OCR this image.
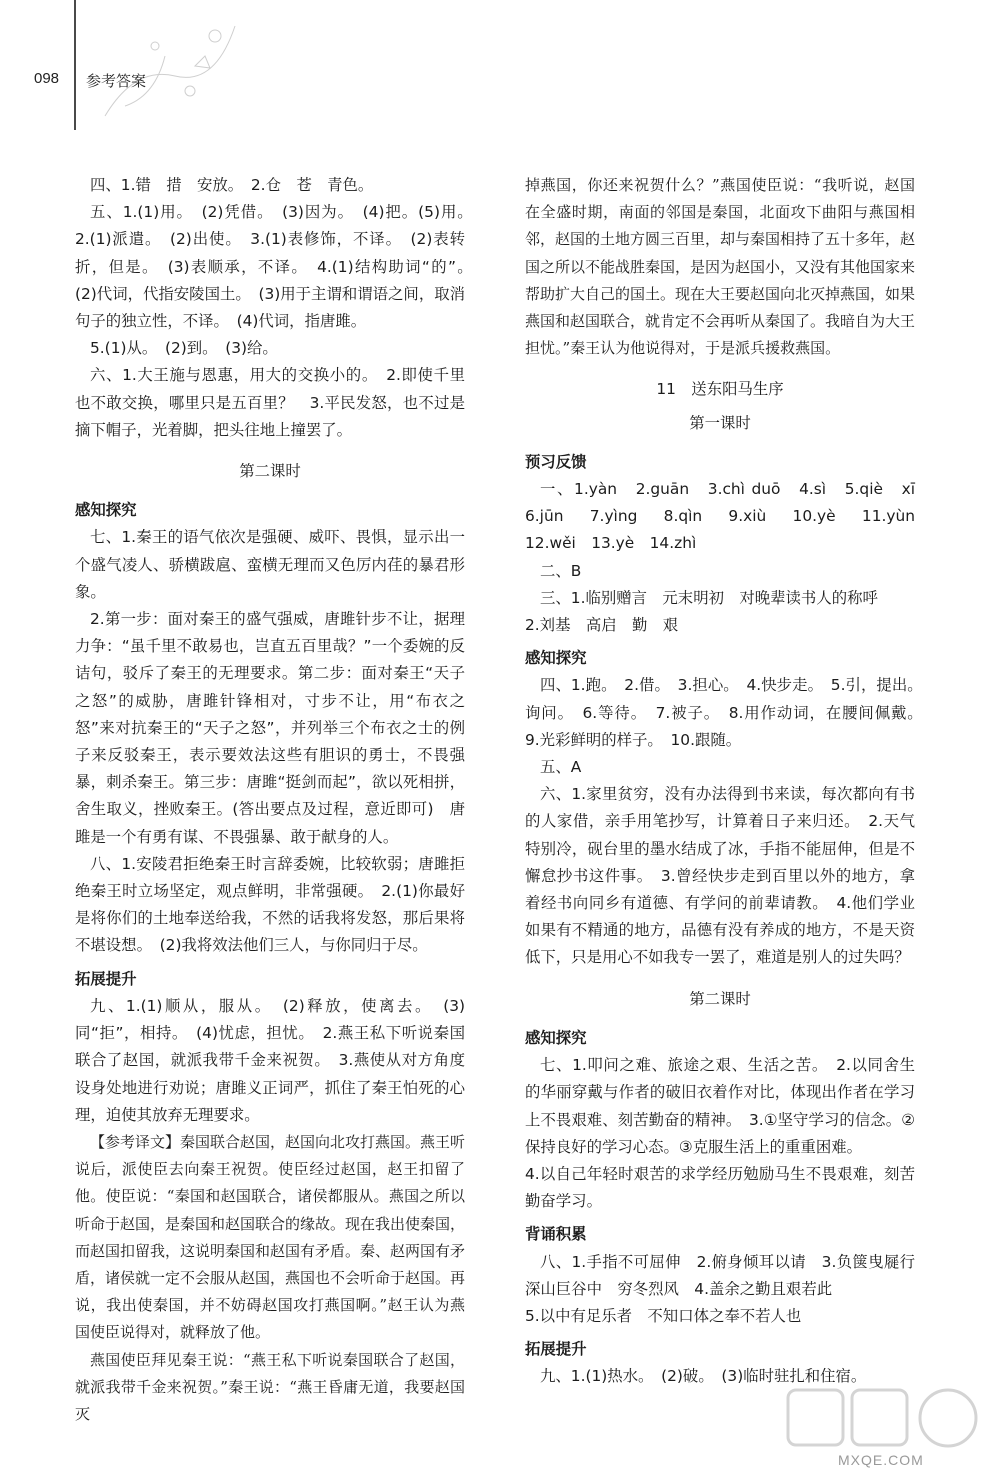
098 参考答案
四、1.错　措　安放。　2.仓　苍　青色。
五、1.(1)用。　(2)凭借。　(3)因为。　(4)把。(5)用。　2.(1)派遣。　(2)出使。　3.(1)表修饰，不译。　(2)表转折，但是。　(3)表顺承，不译。　4.(1)结构助词“的”。　(2)代词，代指安陵国土。　(3)用于主谓和谓语之间，取消句子的独立性，不译。　(4)代词，指唐雎。
5.(1)从。　(2)到。　(3)给。
六、1.大王施与恩惠，用大的交换小的。　2.即使千里也不敢交换，哪里只是五百里？　3.平民发怒，也不过是摘下帽子，光着脚，把头往地上撞罢了。
第二课时
感知探究
七、1.秦王的语气依次是强硬、威吓、畏惧，显示出一个盛气凌人、骄横跋扈、蛮横无理而又色厉内荏的暴君形象。
2.第一步：面对秦王的盛气强威，唐雎针步不让，据理力争：“虽千里不敢易也，岂直五百里哉？”一个委婉的反诘句，驳斥了秦王的无理要求。第二步：面对秦王“天子之怒”的威胁，唐雎针锋相对，寸步不让，用“布衣之怒”来对抗秦王的“天子之怒”，并列举三个布衣之士的例子来反驳秦王，表示要效法这些有胆识的勇士，不畏强暴，刺杀秦王。第三步：唐雎“挺剑而起”，欲以死相拼，舍生取义，挫败秦王。(答出要点及过程，意近即可)　唐雎是一个有勇有谋、不畏强暴、敢于献身的人。
八、1.安陵君拒绝秦王时言辞委婉，比较软弱；唐雎拒绝秦王时立场坚定，观点鲜明，非常强硬。　2.(1)你最好是将你们的土地奉送给我，不然的话我将发怒，那后果将不堪设想。　(2)我将效法他们三人，与你同归于尽。
拓展提升
九、1.(1)顺从，服从。　(2)释放，使离去。　(3)同“拒”，相持。　(4)忧虑，担忧。　2.燕王私下听说秦国联合了赵国，就派我带千金来祝贺。　3.燕使从对方角度设身处地进行劝说；唐雎义正词严，抓住了秦王怕死的心理，迫使其放弃无理要求。
【参考译文】秦国联合赵国，赵国向北攻打燕国。燕王听说后，派使臣去向秦王祝贺。使臣经过赵国，赵王扣留了他。使臣说：“秦国和赵国联合，诸侯都服从。燕国之所以听命于赵国，是秦国和赵国联合的缘故。现在我出使秦国，而赵国扣留我，这说明秦国和赵国有矛盾。秦、赵两国有矛盾，诸侯就一定不会服从赵国，燕国也不会听命于赵国。再说，我出使秦国，并不妨碍赵国攻打燕国啊。”赵王认为燕国使臣说得对，就释放了他。
燕国使臣拜见秦王说：“燕王私下听说秦国联合了赵国，就派我带千金来祝贺。”秦王说：“燕王昏庸无道，我要赵国灭
掉燕国，你还来祝贺什么？”燕国使臣说：“我听说，赵国在全盛时期，南面的邻国是秦国，北面攻下曲阳与燕国相邻，赵国的土地方圆三百里，却与秦国相持了五十多年，赵国之所以不能战胜秦国，是因为赵国小，又没有其他国家来帮助扩大自己的国土。现在大王要赵国向北灭掉燕国，如果燕国和赵国联合，就肯定不会再听从秦国了。我暗自为大王担忧。”秦王认为他说得对，于是派兵援救燕国。
11　送东阳马生序
第一课时
预习反馈
一、1.yàn　2.guān　3.chì duō　4.sì　5.qiè　xī　6.jūn　7.yìng　8.qìn　9.xiù　10.yè　11.yùn　12.wěi　13.yè　14.zhì
二、B
三、1.临别赠言　元末明初　对晚辈读书人的称呼
2.刘基　高启　勤　艰
感知探究
四、1.跑。　2.借。　3.担心。　4.快步走。　5.引，提出。　询问。　6.等待。　7.被子。　8.用作动词，在腰间佩戴。　9.光彩鲜明的样子。　10.跟随。
五、A
六、1.家里贫穷，没有办法得到书来读，每次都向有书的人家借，亲手用笔抄写，计算着日子来归还。　2.天气特别冷，砚台里的墨水结成了冰，手指不能屈伸，但是不懈怠抄书这件事。　3.曾经快步走到百里以外的地方，拿着经书向同乡有道德、有学问的前辈请教。　4.他们学业如果有不精通的地方，品德有没有养成的地方，不是天资低下，只是用心不如我专一罢了，难道是别人的过失吗？
第二课时
感知探究
七、1.叩问之难、旅途之艰、生活之苦。　2.以同舍生的华丽穿戴与作者的破旧衣着作对比，体现出作者在学习上不畏艰难、刻苦勤奋的精神。　3.①坚守学习的信念。②保持良好的学习心态。③克服生活上的重重困难。
4.以自己年轻时艰苦的求学经历勉励马生不畏艰难，刻苦勤奋学习。
背诵积累
八、1.手指不可屈伸　2.俯身倾耳以请　3.负箧曳屣行深山巨谷中　穷冬烈风　4.盖余之勤且艰若此
5.以中有足乐者　不知口体之奉不若人也
拓展提升
九、1.(1)热水。　(2)破。　(3)临时驻扎和住宿。
MXQE.COM
